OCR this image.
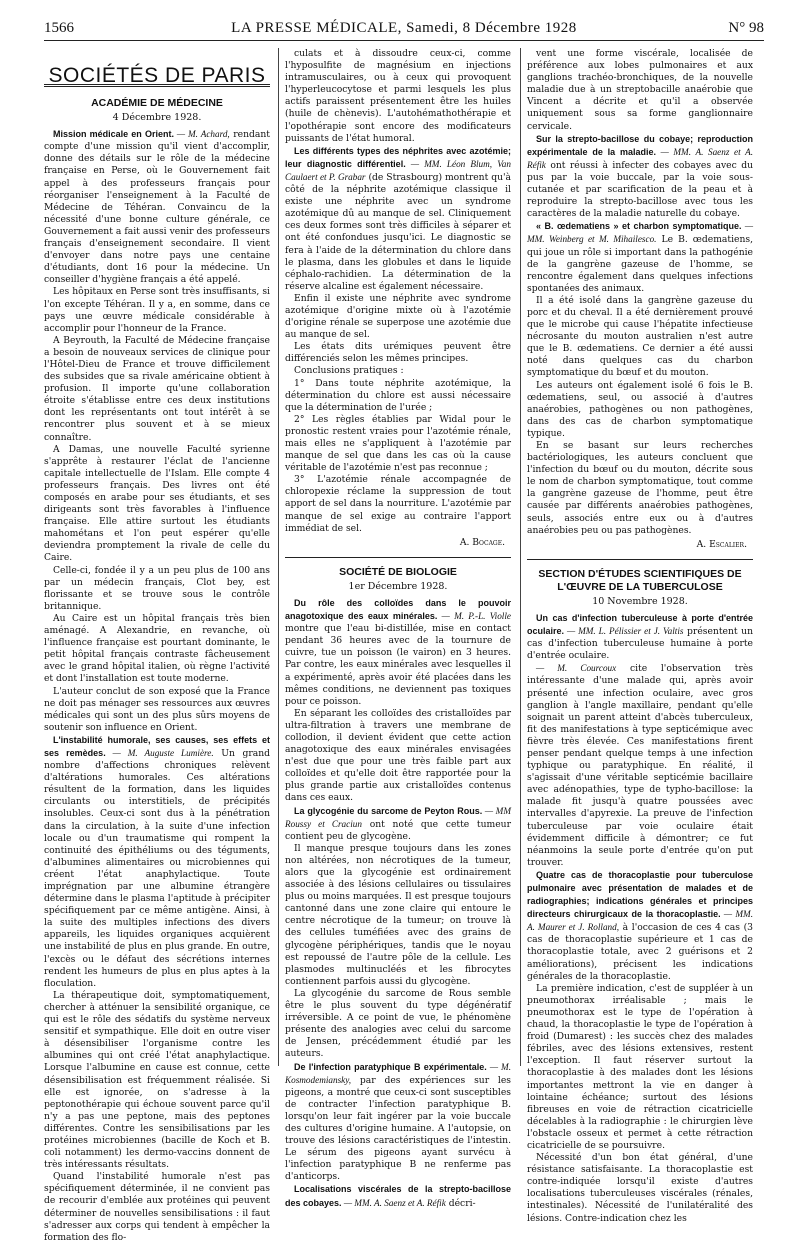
1566	LA PRESSE MÉDICALE, Samedi, 8 Décembre 1928	N° 98

SOCIÉTÉS DE PARIS

ACADÉMIE DE MÉDECINE

4 Décembre 1928.

Mission médicale en Orient. — M. Achard, rendant compte d'une mission qu'il vient d'accomplir, donne des détails sur le rôle de la médecine française en Perse, où le Gouvernement fait appel à des professeurs français pour réorganiser l'enseignement à la Faculté de Médecine de Téhéran. Convaincu de la nécessité d'une bonne culture générale, ce Gouvernement a fait aussi venir des professeurs français d'enseignement secondaire. Il vient d'envoyer dans notre pays une centaine d'étudiants, dont 16 pour la médecine. Un conseiller d'hygiène français a été appelé.

Les hôpitaux en Perse sont très insuffisants, si l'on excepte Téhéran. Il y a, en somme, dans ce pays une œuvre médicale considérable à accomplir pour l'honneur de la France.

A Beyrouth, la Faculté de Médecine française a besoin de nouveaux services de clinique pour l'Hôtel-Dieu de France et trouve difficilement des subsides que sa rivale américaine obtient à profusion. Il importe qu'une collaboration étroite s'établisse entre ces deux institutions dont les représentants ont tout intérêt à se rencontrer plus souvent et à se mieux connaître.

A Damas, une nouvelle Faculté syrienne s'apprête à restaurer l'éclat de l'ancienne capitale intellectuelle de l'Islam. Elle compte 4 professeurs français. Des livres ont été composés en arabe pour ses étudiants, et ses dirigeants sont très favorables à l'influence française. Elle attire surtout les étudiants mahométans et l'on peut espérer qu'elle deviendra promptement la rivale de celle du Caire.

Celle-ci, fondée il y a un peu plus de 100 ans par un médecin français, Clot bey, est florissante et se trouve sous le contrôle britannique.

Au Caire est un hôpital français très bien aménagé. A Alexandrie, en revanche, où l'influence française est pourtant dominante, le petit hôpital français contraste fâcheusement avec le grand hôpital italien, où règne l'activité et dont l'installation est toute moderne.

L'auteur conclut de son exposé que la France ne doit pas ménager ses ressources aux œuvres médicales qui sont un des plus sûrs moyens de soutenir son influence en Orient.

L'instabilité humorale, ses causes, ses effets et ses remèdes. — M. Auguste Lumière. Un grand nombre d'affections chroniques relèvent d'altérations humorales. Ces altérations résultent de la formation, dans les liquides circulants ou interstitiels, de précipités insolubles. Ceux-ci sont dus à la pénétration dans la circulation, à la suite d'une infection locale ou d'un traumatisme qui rompent la continuité des épithéliums ou des téguments, d'albumines alimentaires ou microbiennes qui créent l'état anaphylactique. Toute imprégnation par une albumine étrangère détermine dans le plasma l'aptitude à précipiter spécifiquement par ce même antigène. Ainsi, à la suite des multiples infections des divers appareils, les liquides organiques acquièrent une instabilité de plus en plus grande. En outre, l'excès ou le défaut des sécrétions internes rendent les humeurs de plus en plus aptes à la floculation.

La thérapeutique doit, symptomatiquement, chercher à atténuer la sensibilité organique, ce qui est le rôle des sédatifs du système nerveux sensitif et sympathique. Elle doit en outre viser à désensibiliser l'organisme contre les albumines qui ont créé l'état anaphylactique. Lorsque l'albumine en cause est connue, cette désensibilisation est fréquemment réalisée. Si elle est ignorée, on s'adresse à la peptonothérapie qui échoue souvent parce qu'il n'y a pas une peptone, mais des peptones différentes. Contre les sensibilisations par les protéines microbiennes (bacille de Koch et B. coli notamment) les dermo-vaccins donnent de très intéressants résultats.

Quand l'instabilité humorale n'est pas spécifiquement déterminée, il ne convient pas de recourir d'emblée aux protéines qui peuvent déterminer de nouvelles sensibilisations : il faut s'adresser aux corps qui tendent à empêcher la formation des flo-

culats et à dissoudre ceux-ci, comme l'hyposulfite de magnésium en injections intramusculaires, ou à ceux qui provoquent l'hyperleucocytose et parmi lesquels les plus actifs paraissent présentement être les huiles (huile de chènevis). L'autohémathothérapie et l'opothérapie sont encore des modificateurs puissants de l'état humoral.

Les différents types des néphrites avec azotémie; leur diagnostic différentiel. — MM. Léon Blum, Van Caulaert et P. Grabar (de Strasbourg) montrent qu'à côté de la néphrite azotémique classique il existe une néphrite avec un syndrome azotémique dû au manque de sel. Cliniquement ces deux formes sont très difficiles à séparer et ont été confondues jusqu'ici. Le diagnostic se fera à l'aide de la détermination du chlore dans le plasma, dans les globules et dans le liquide céphalo-rachidien. La détermination de la réserve alcaline est également nécessaire.

Enfin il existe une néphrite avec syndrome azotémique d'origine mixte où à l'azotémie d'origine rénale se superpose une azotémie due au manque de sel.

Les états dits urémiques peuvent être différenciés selon les mêmes principes.

Conclusions pratiques :

1° Dans toute néphrite azotémique, la détermination du chlore est aussi nécessaire que la détermination de l'urée ;

2° Les règles établies par Widal pour le pronostic restent vraies pour l'azotémie rénale, mais elles ne s'appliquent à l'azotémie par manque de sel que dans les cas où la cause véritable de l'azotémie n'est pas reconnue ;

3° L'azotémie rénale accompagnée de chloropexie réclame la suppression de tout apport de sel dans la nourriture. L'azotémie par manque de sel exige au contraire l'apport immédiat de sel.

A. Bocage.

SOCIÉTÉ DE BIOLOGIE

1er Décembre 1928.

Du rôle des colloïdes dans le pouvoir anagotoxique des eaux minérales. — M. P.-L. Violle montre que l'eau bi-distillée, mise en contact pendant 36 heures avec de la tournure de cuivre, tue un poisson (le vairon) en 3 heures. Par contre, les eaux minérales avec lesquelles il a expérimenté, après avoir été placées dans les mêmes conditions, ne deviennent pas toxiques pour ce poisson.

En séparant les colloïdes des cristalloïdes par ultra-filtration à travers une membrane de collodion, il devient évident que cette action anagotoxique des eaux minérales envisagées n'est due que pour une très faible part aux colloïdes et qu'elle doit être rapportée pour la plus grande partie aux cristalloïdes contenus dans ces eaux.

La glycogénie du sarcome de Peyton Rous. — MM Roussy et Craciun ont noté que cette tumeur contient peu de glycogène.

Il manque presque toujours dans les zones non altérées, non nécrotiques de la tumeur, alors que la glycogénie est ordinairement associée à des lésions cellulaires ou tissulaires plus ou moins marquées. Il est presque toujours cantonné dans une zone claire qui entoure le centre nécrotique de la tumeur; on trouve là des cellules tuméfiées avec des grains de glycogène périphériques, tandis que le noyau est repoussé de l'autre pôle de la cellule. Les plasmodes multinucléés et les fibrocytes contiennent parfois aussi du glycogène.

La glycogénie du sarcome de Rous semble être le plus souvent du type dégénératif irréversible. A ce point de vue, le phénomène présente des analogies avec celui du sarcome de Jensen, précédemment étudié par les auteurs.

De l'infection paratyphique B expérimentale. — M. Kosmodemiansky, par des expériences sur les pigeons, a montré que ceux-ci sont susceptibles de contracter l'infection paratyphique B. lorsqu'on leur fait ingérer par la voie buccale des cultures d'origine humaine. A l'autopsie, on trouve des lésions caractéristiques de l'intestin. Le sérum des pigeons ayant survécu à l'infection paratyphique B ne renferme pas d'anticorps.

Localisations viscérales de la strepto-bacillose des cobayes. — MM. A. Saenz et A. Réfik décri-

vent une forme viscérale, localisée de préférence aux lobes pulmonaires et aux ganglions trachéo-bronchiques, de la nouvelle maladie due à un streptobacille anaérobie que Vincent a décrite et qu'il a observée uniquement sous sa forme ganglionnaire cervicale.

Sur la strepto-bacillose du cobaye; reproduction expérimentale de la maladie. — MM. A. Saenz et A. Réfik ont réussi à infecter des cobayes avec du pus par la voie buccale, par la voie sous-cutanée et par scarification de la peau et à reproduire la strepto-bacillose avec tous les caractères de la maladie naturelle du cobaye.

« B. œdematiens » et charbon symptomatique. — MM. Weinberg et M. Mihailesco. Le B. œdematiens, qui joue un rôle si important dans la pathogénie de la gangrène gazeuse de l'homme, se rencontre également dans quelques infections spontanées des animaux.

Il a été isolé dans la gangrène gazeuse du porc et du cheval. Il a été dernièrement prouvé que le microbe qui cause l'hépatite infectieuse nécrosante du mouton australien n'est autre que le B. œdematiens. Ce dernier a été aussi noté dans quelques cas du charbon symptomatique du bœuf et du mouton.

Les auteurs ont également isolé 6 fois le B. œdematiens, seul, ou associé à d'autres anaérobies, pathogènes ou non pathogènes, dans des cas de charbon symptomatique typique.

En se basant sur leurs recherches bactériologiques, les auteurs concluent que l'infection du bœuf ou du mouton, décrite sous le nom de charbon symptomatique, tout comme la gangrène gazeuse de l'homme, peut être causée par différents anaérobies pathogènes, seuls, associés entre eux ou à d'autres anaérobies peu ou pas pathogènes.

A. Escalier.

SECTION D'ÉTUDES SCIENTIFIQUES DE L'ŒUVRE DE LA TUBERCULOSE

10 Novembre 1928.

Un cas d'infection tuberculeuse à porte d'entrée oculaire. — MM. L. Pélissier et J. Valtis présentent un cas d'infection tuberculeuse humaine à porte d'entrée oculaire.

— M. Courcoux cite l'observation très intéressante d'une malade qui, après avoir présenté une infection oculaire, avec gros ganglion à l'angle maxillaire, pendant qu'elle soignait un parent atteint d'abcès tuberculeux, fit des manifestations à type septicémique avec fièvre très élevée. Ces manifestations firent penser pendant quelque temps à une infection typhique ou paratyphique. En réalité, il s'agissait d'une véritable septicémie bacillaire avec adénopathies, type de typho-bacillose: la malade fit jusqu'à quatre poussées avec intervalles d'apyrexie. La preuve de l'infection tuberculeuse par voie oculaire était évidemment difficile à démontrer; ce fut néanmoins la seule porte d'entrée qu'on put trouver.

Quatre cas de thoracoplastie pour tuberculose pulmonaire avec présentation de malades et de radiographies; indications générales et principes directeurs chirurgicaux de la thoracoplastie. — MM. A. Maurer et J. Rolland, à l'occasion de ces 4 cas (3 cas de thoracoplastie supérieure et 1 cas de thoracoplastie totale, avec 2 guérisons et 2 améliorations), précisent les indications générales de la thoracoplastie.

La première indication, c'est de suppléer à un pneumothorax irréalisable ; mais le pneumothorax est le type de l'opération à chaud, la thoracoplastie le type de l'opération à froid (Dumarest) : les succès chez des malades fébriles, avec des lésions extensives, restent l'exception. Il faut réserver surtout la thoracoplastie à des malades dont les lésions importantes mettront la vie en danger à lointaine échéance; surtout des lésions fibreuses en voie de rétraction cicatricielle décelables à la radiographie : le chirurgien lève l'obstacle osseux et permet à cette rétraction cicatricielle de se poursuivre.

Nécessité d'un bon état général, d'une résistance satisfaisante. La thoracoplastie est contre-indiquée lorsqu'il existe d'autres localisations tuberculeuses viscérales (rénales, intestinales). Nécessité de l'unilatéralité des lésions. Contre-indication chez les
